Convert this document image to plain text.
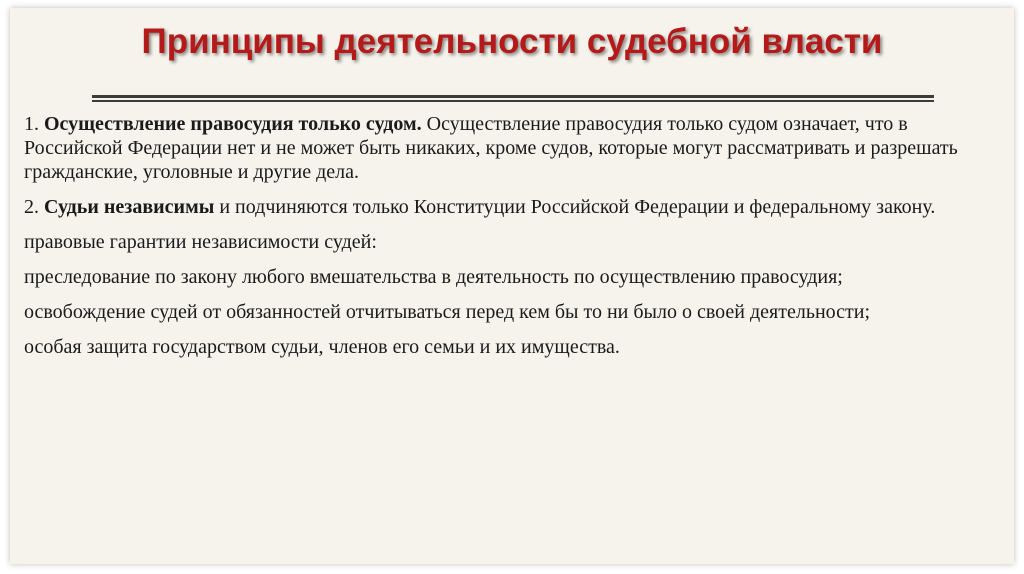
Принципы деятельности судебной власти

1. Осуществление правосудия только судом. Осуществление правосудия только судом означает, что в Российской Федерации нет и не может быть никаких, кроме судов, которые могут рассматривать и разрешать гражданские, уголовные и другие дела.

2. Судьи независимы и подчиняются только Конституции Российской Федерации и федеральному закону.

правовые гарантии независимости судей:

преследование по закону любого вмешательства в деятельность по осуществлению правосудия;

освобождение судей от обязанностей отчитываться перед кем бы то ни было о своей деятельности;

особая защита государством судьи, членов его семьи и их имущества.
